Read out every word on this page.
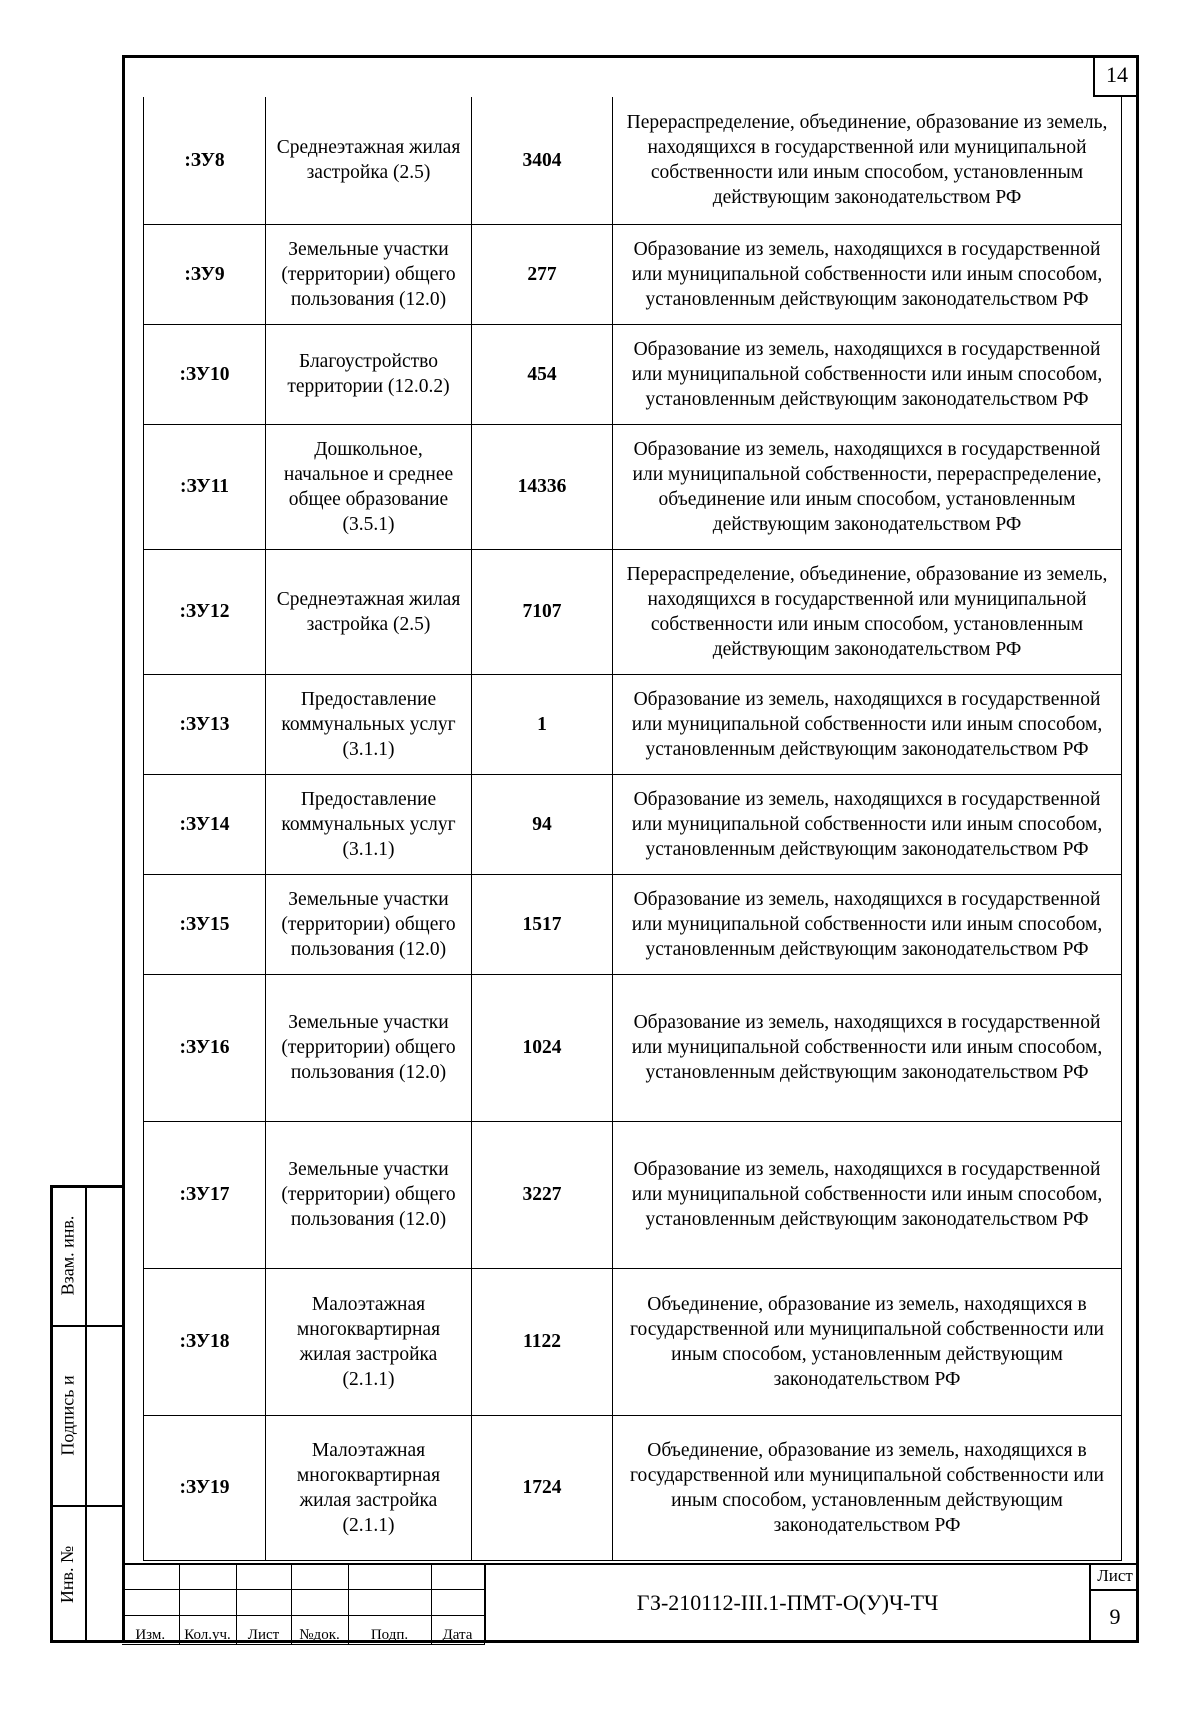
14
Взам. инв.
Подпись и
Инв. №
:ЗУ8	Среднеэтажная жилая застройка (2.5)	3404	Перераспределение, объединение, образование из земель, находящихся в государственной или муниципальной собственности или иным способом, установленным действующим законодательством РФ
:ЗУ9	Земельные участки (территории) общего пользования (12.0)	277	Образование из земель, находящихся в государственной или муниципальной собственности или иным способом, установленным действующим законодательством РФ
:ЗУ10	Благоустройство территории (12.0.2)	454	Образование из земель, находящихся в государственной или муниципальной собственности или иным способом, установленным действующим законодательством РФ
:ЗУ11	Дошкольное, начальное и среднее общее образование (3.5.1)	14336	Образование из земель, находящихся в государственной или муниципальной собственности, перераспределение, объединение или иным способом, установленным действующим законодательством РФ
:ЗУ12	Среднеэтажная жилая застройка (2.5)	7107	Перераспределение, объединение, образование из земель, находящихся в государственной или муниципальной собственности или иным способом, установленным действующим законодательством РФ
:ЗУ13	Предоставление коммунальных услуг (3.1.1)	1	Образование из земель, находящихся в государственной или муниципальной собственности или иным способом, установленным действующим законодательством РФ
:ЗУ14	Предоставление коммунальных услуг (3.1.1)	94	Образование из земель, находящихся в государственной или муниципальной собственности или иным способом, установленным действующим законодательством РФ
:ЗУ15	Земельные участки (территории) общего пользования (12.0)	1517	Образование из земель, находящихся в государственной или муниципальной собственности или иным способом, установленным действующим законодательством РФ
:ЗУ16	Земельные участки (территории) общего пользования (12.0)	1024	Образование из земель, находящихся в государственной или муниципальной собственности или иным способом, установленным действующим законодательством РФ
:ЗУ17	Земельные участки (территории) общего пользования (12.0)	3227	Образование из земель, находящихся в государственной или муниципальной собственности или иным способом, установленным действующим законодательством РФ
:ЗУ18	Малоэтажная многоквартирная жилая застройка (2.1.1)	1122	Объединение, образование из земель, находящихся в государственной или муниципальной собственности или иным способом, установленным действующим законодательством РФ
:ЗУ19	Малоэтажная многоквартирная жилая застройка (2.1.1)	1724	Объединение, образование из земель, находящихся в государственной или муниципальной собственности или иным способом, установленным действующим законодательством РФ

Изм.	Кол.уч.	Лист	№док.	Подп.	Дата
ГЗ-210112-III.1-ПМТ-О(У)Ч-ТЧ
Лист
9
